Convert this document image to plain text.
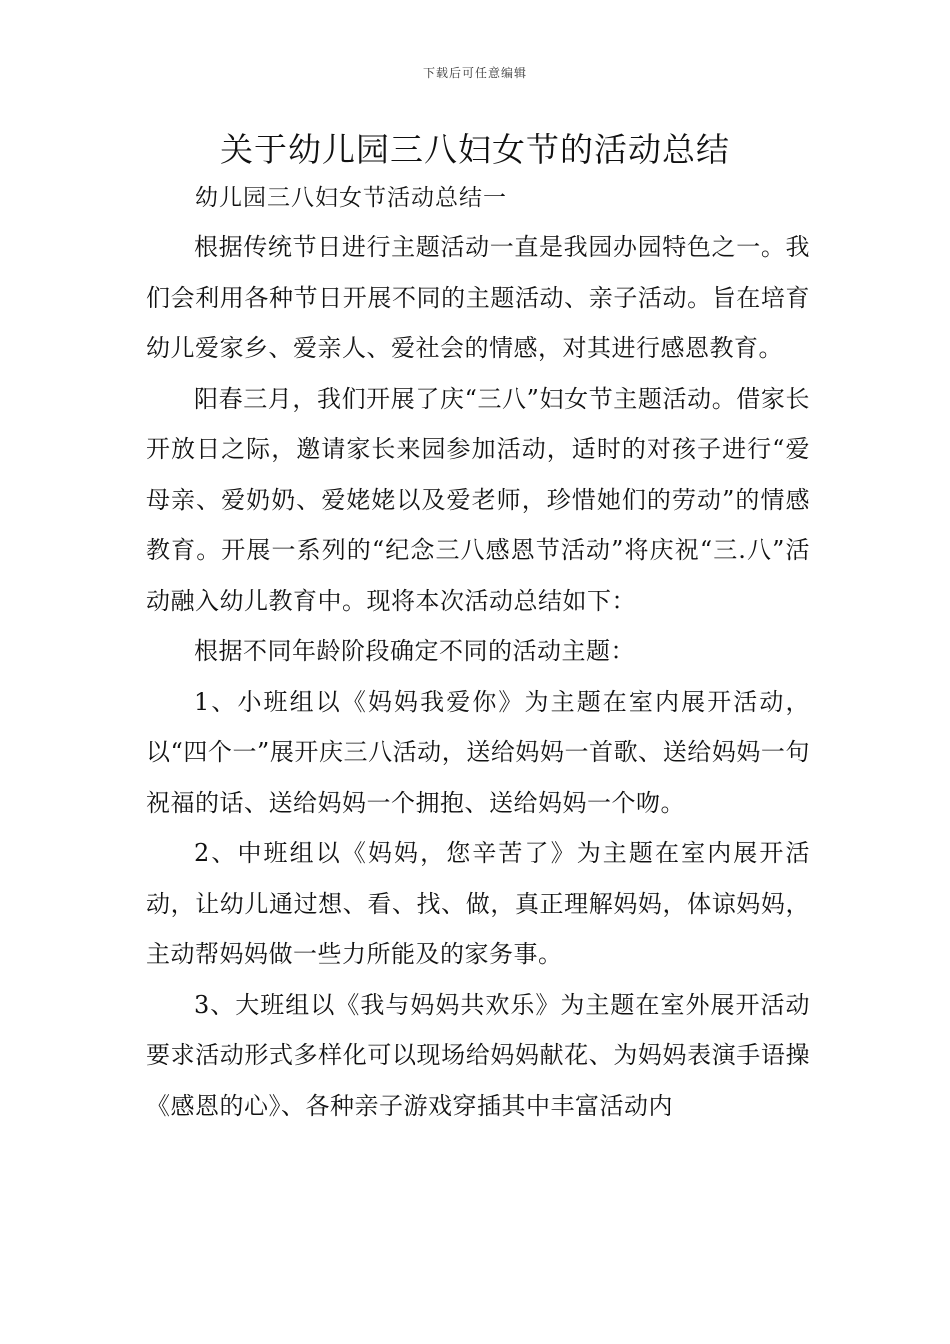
下载后可任意编辑
关于幼儿园三八妇女节的活动总结
幼儿园三八妇女节活动总结一

根据传统节日进行主题活动一直是我园办园特色之一。我们会利用各种节日开展不同的主题活动、亲子活动。旨在培育幼儿爱家乡、爱亲人、爱社会的情感，对其进行感恩教育。

阳春三月，我们开展了庆“三八”妇女节主题活动。借家长开放日之际，邀请家长来园参加活动，适时的对孩子进行“爱母亲、爱奶奶、爱姥姥以及爱老师，珍惜她们的劳动”的情感教育。开展一系列的“纪念三八感恩节活动”将庆祝“三.八”活动融入幼儿教育中。现将本次活动总结如下：

根据不同年龄阶段确定不同的活动主题：

1、小班组以《妈妈我爱你》为主题在室内展开活动，以“四个一”展开庆三八活动，送给妈妈一首歌、送给妈妈一句祝福的话、送给妈妈一个拥抱、送给妈妈一个吻。

2、中班组以《妈妈，您辛苦了》为主题在室内展开活动，让幼儿通过想、看、找、做，真正理解妈妈，体谅妈妈，主动帮妈妈做一些力所能及的家务事。

3、大班组以《我与妈妈共欢乐》为主题在室外展开活动要求活动形式多样化可以现场给妈妈献花、为妈妈表演手语操《感恩的心》、各种亲子游戏穿插其中丰富活动内
